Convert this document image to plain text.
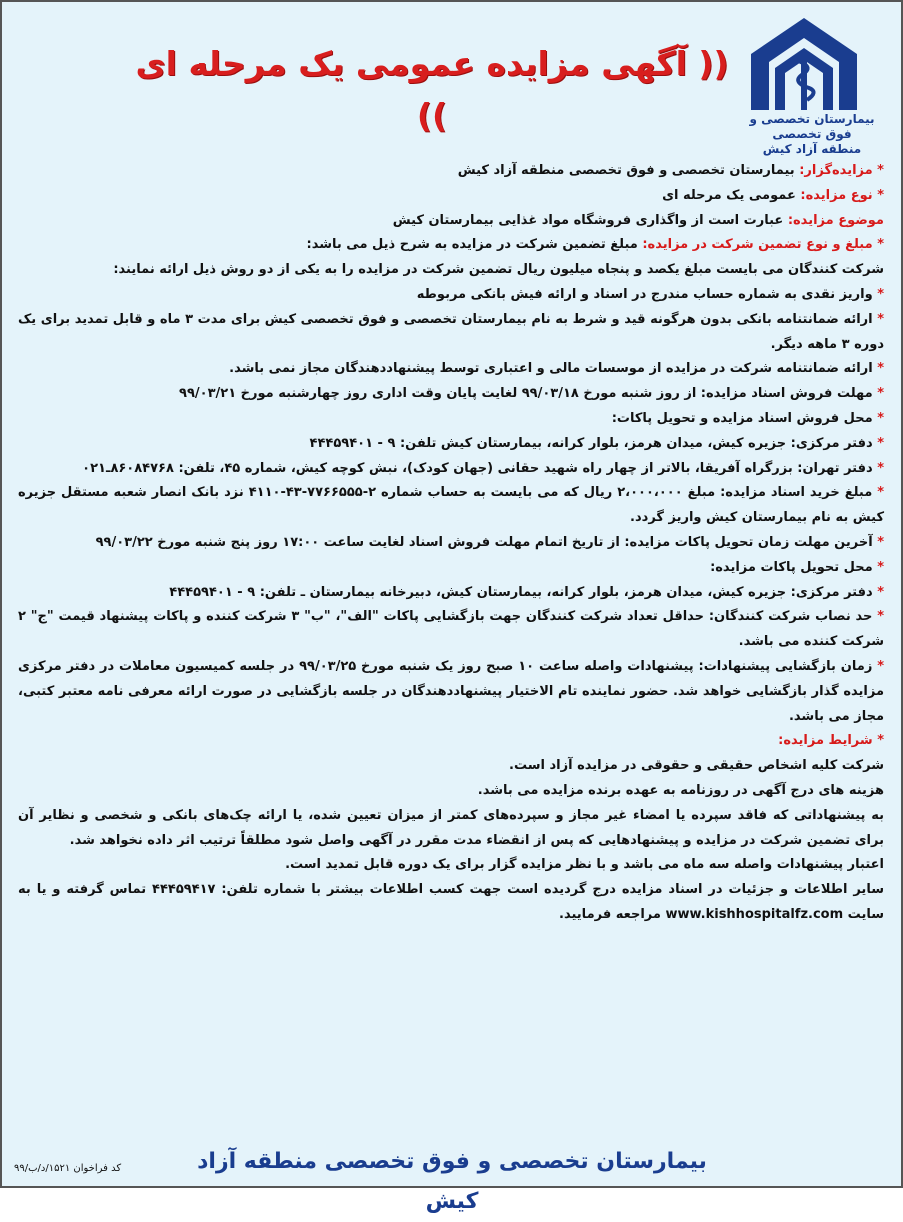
(( آگهی مزایده عمومی یک مرحله ای ))	بیمارستان تخصصی و فوق تخصصی
منطقه آزاد کیش

* مزایده‌گزار: بیمارستان تخصصی و فوق تخصصی منطقه آزاد کیش

* نوع مزایده: عمومی یک مرحله ای

موضوع مزایده: عبارت است از واگذاری فروشگاه مواد غذایی بیمارستان کیش

* مبلغ و نوع تضمین شرکت در مزایده: مبلغ تضمین شرکت در مزایده به شرح ذیل می باشد:

شرکت کنندگان می بایست مبلغ یکصد و پنجاه میلیون ریال تضمین شرکت در مزایده را به یکی از دو روش ذیل ارائه نمایند:

* واریز نقدی به شماره حساب مندرج در اسناد و ارائه فیش بانکی مربوطه

* ارائه ضمانتنامه بانکی بدون هرگونه قید و شرط به نام بیمارستان تخصصی و فوق تخصصی کیش برای مدت ۳ ماه و قابل تمدید برای یک دوره ۳ ماهه دیگر.

* ارائه ضمانتنامه شرکت در مزایده از موسسات مالی و اعتباری توسط پیشنهاددهندگان مجاز نمی باشد.

* مهلت فروش اسناد مزایده: از روز شنبه مورخ ۹۹/۰۳/۱۸ لغایت پایان وقت اداری روز چهارشنبه مورخ ۹۹/۰۳/۲۱

* محل فروش اسناد مزایده و تحویل پاکات:

* دفتر مرکزی: جزیره کیش، میدان هرمز، بلوار کرانه، بیمارستان کیش تلفن: ۹ - ۴۴۴۵۹۴۰۱

* دفتر تهران: بزرگراه آفریقا، بالاتر از چهار راه شهید حقانی (جهان کودک)، نبش کوچه کیش، شماره ۴۵، تلفن: ۸۶۰۸۴۷۶۸ـ۰۲۱

* مبلغ خرید اسناد مزایده: مبلغ ۲،۰۰۰،۰۰۰ ریال که می بایست به حساب شماره ۲-۷۷۶۶۵۵۵-۴۳-۴۱۱۰ نزد بانک انصار شعبه مستقل جزیره کیش به نام بیمارستان کیش واریز گردد.

* آخرین مهلت زمان تحویل پاکات مزایده: از تاریخ اتمام مهلت فروش اسناد لغایت ساعت ۱۷:۰۰ روز پنج شنبه مورخ ۹۹/۰۳/۲۲

* محل تحویل پاکات مزایده:

* دفتر مرکزی: جزیره کیش، میدان هرمز، بلوار کرانه، بیمارستان کیش، دبیرخانه بیمارستان ـ تلفن: ۹ - ۴۴۴۵۹۴۰۱

* حد نصاب شرکت کنندگان: حداقل تعداد شرکت کنندگان جهت بازگشایی پاکات "الف"، "ب" ۳ شرکت کننده و پاکات پیشنهاد قیمت "ج" ۲ شرکت کننده می باشد.

* زمان بازگشایی پیشنهادات: پیشنهادات واصله ساعت ۱۰ صبح روز یک شنبه مورخ ۹۹/۰۳/۲۵ در جلسه کمیسیون معاملات در دفتر مرکزی مزایده گذار بازگشایی خواهد شد. حضور نماینده تام الاختیار پیشنهاددهندگان در جلسه بازگشایی در صورت ارائه معرفی نامه معتبر کتبی، مجاز می باشد.

* شرایط مزایده:

شرکت کلیه اشخاص حقیقی و حقوقی در مزایده آزاد است.

هزینه های درج آگهی در روزنامه به عهده برنده مزایده می باشد.

به پیشنهاداتی که فاقد سپرده یا امضاء غیر مجاز و سپرده‌های کمتر از میزان تعیین شده، یا ارائه چک‌های بانکی و شخصی و نظایر آن برای تضمین شرکت در مزایده و پیشنهادهایی که پس از انقضاء مدت مقرر در آگهی واصل شود مطلقاً ترتیب اثر داده نخواهد شد.

اعتبار پیشنهادات واصله سه ماه می باشد و با نظر مزایده گزار برای یک دوره قابل تمدید است.

سایر اطلاعات و جزئیات در اسناد مزایده درج گردیده است جهت کسب اطلاعات بیشتر با شماره تلفن: ۴۴۴۵۹۴۱۷ تماس گرفته و یا به سایت www.kishhospitalfz.com مراجعه فرمایید.

بیمارستان تخصصی و فوق تخصصی منطقه آزاد کیش
کد فراخوان ۱۵۲۱/د/ب/۹۹
